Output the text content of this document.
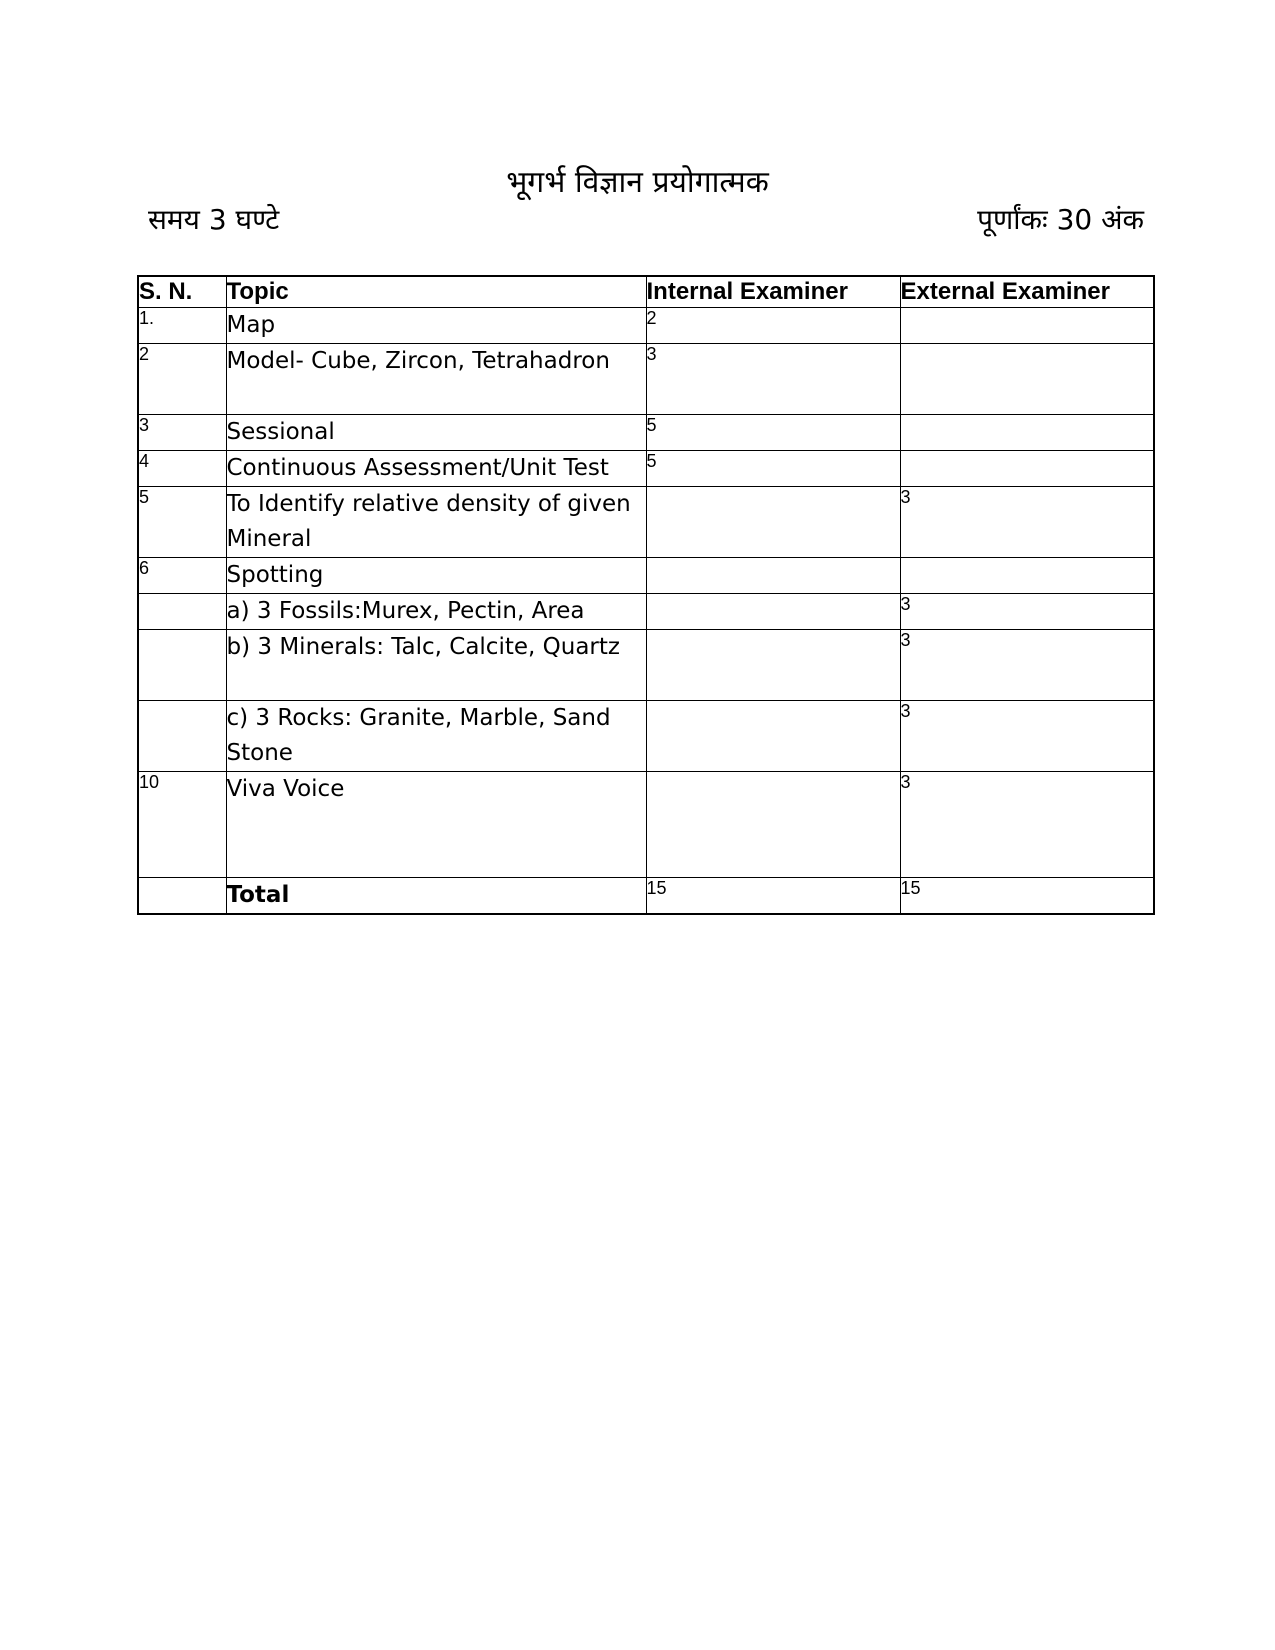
भूगर्भ विज्ञान प्रयोगात्मक
समय 3 घण्टे	पूर्णांकः 30 अंक
S. N.	Topic	Internal Examiner	External Examiner
1.	Map	2	
2	Model- Cube, Zircon, Tetrahadron	3	
3	Sessional	5	
4	Continuous Assessment/Unit Test	5	
5	To Identify relative density of given Mineral		3
6	Spotting		
	a) 3 Fossils:Murex, Pectin, Area		3
	b) 3 Minerals: Talc, Calcite, Quartz		3
	c) 3 Rocks: Granite, Marble, Sand Stone		3
10	Viva Voice		3
	Total	15	15
